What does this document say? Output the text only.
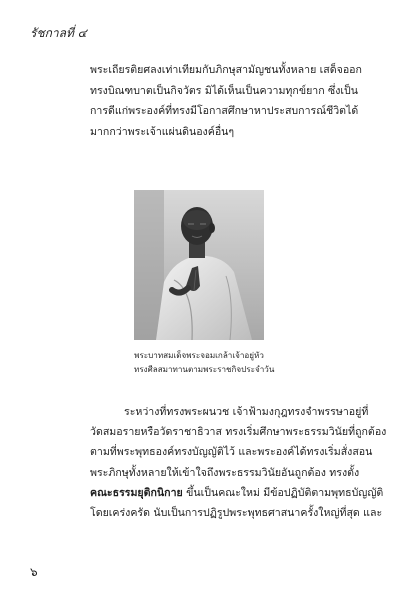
รัชกาลที่ ๔
พระเถียรติยศลงเท่าเทียมกับภิกษุสามัญชนทั้งหลาย เสด็จออก
ทรงบิณฑบาตเป็นกิจวัตร มิได้เห็นเป็นความทุกข์ยาก ซึ่งเป็น
การดีแก่พระองค์ที่ทรงมีโอกาสศึกษาหาประสบการณ์ชีวิตได้
มากกว่าพระเจ้าแผ่นดินองค์อื่นๆ
พระบาทสมเด็จพระจอมเกล้าเจ้าอยู่หัว
ทรงศีลสมาทานตามพระราชกิจประจำวัน
ระหว่างที่ทรงพระผนวช เจ้าฟ้ามงกุฎทรงจำพรรษาอยู่ที่
วัดสมอรายหรือวัดราชาธิวาส ทรงเริ่มศึกษาพระธรรมวินัยที่ถูกต้อง
ตามที่พระพุทธองค์ทรงบัญญัติไว้ และพระองค์ได้ทรงเริ่มสั่งสอน
พระภิกษุทั้งหลายให้เข้าใจถึงพระธรรมวินัยอันถูกต้อง ทรงตั้ง
คณะธรรมยุติกนิกาย ขึ้นเป็นคณะใหม่ มีข้อปฏิบัติตามพุทธบัญญัติ
โดยเคร่งครัด นับเป็นการปฏิรูปพระพุทธศาสนาครั้งใหญ่ที่สุด และ
๖
